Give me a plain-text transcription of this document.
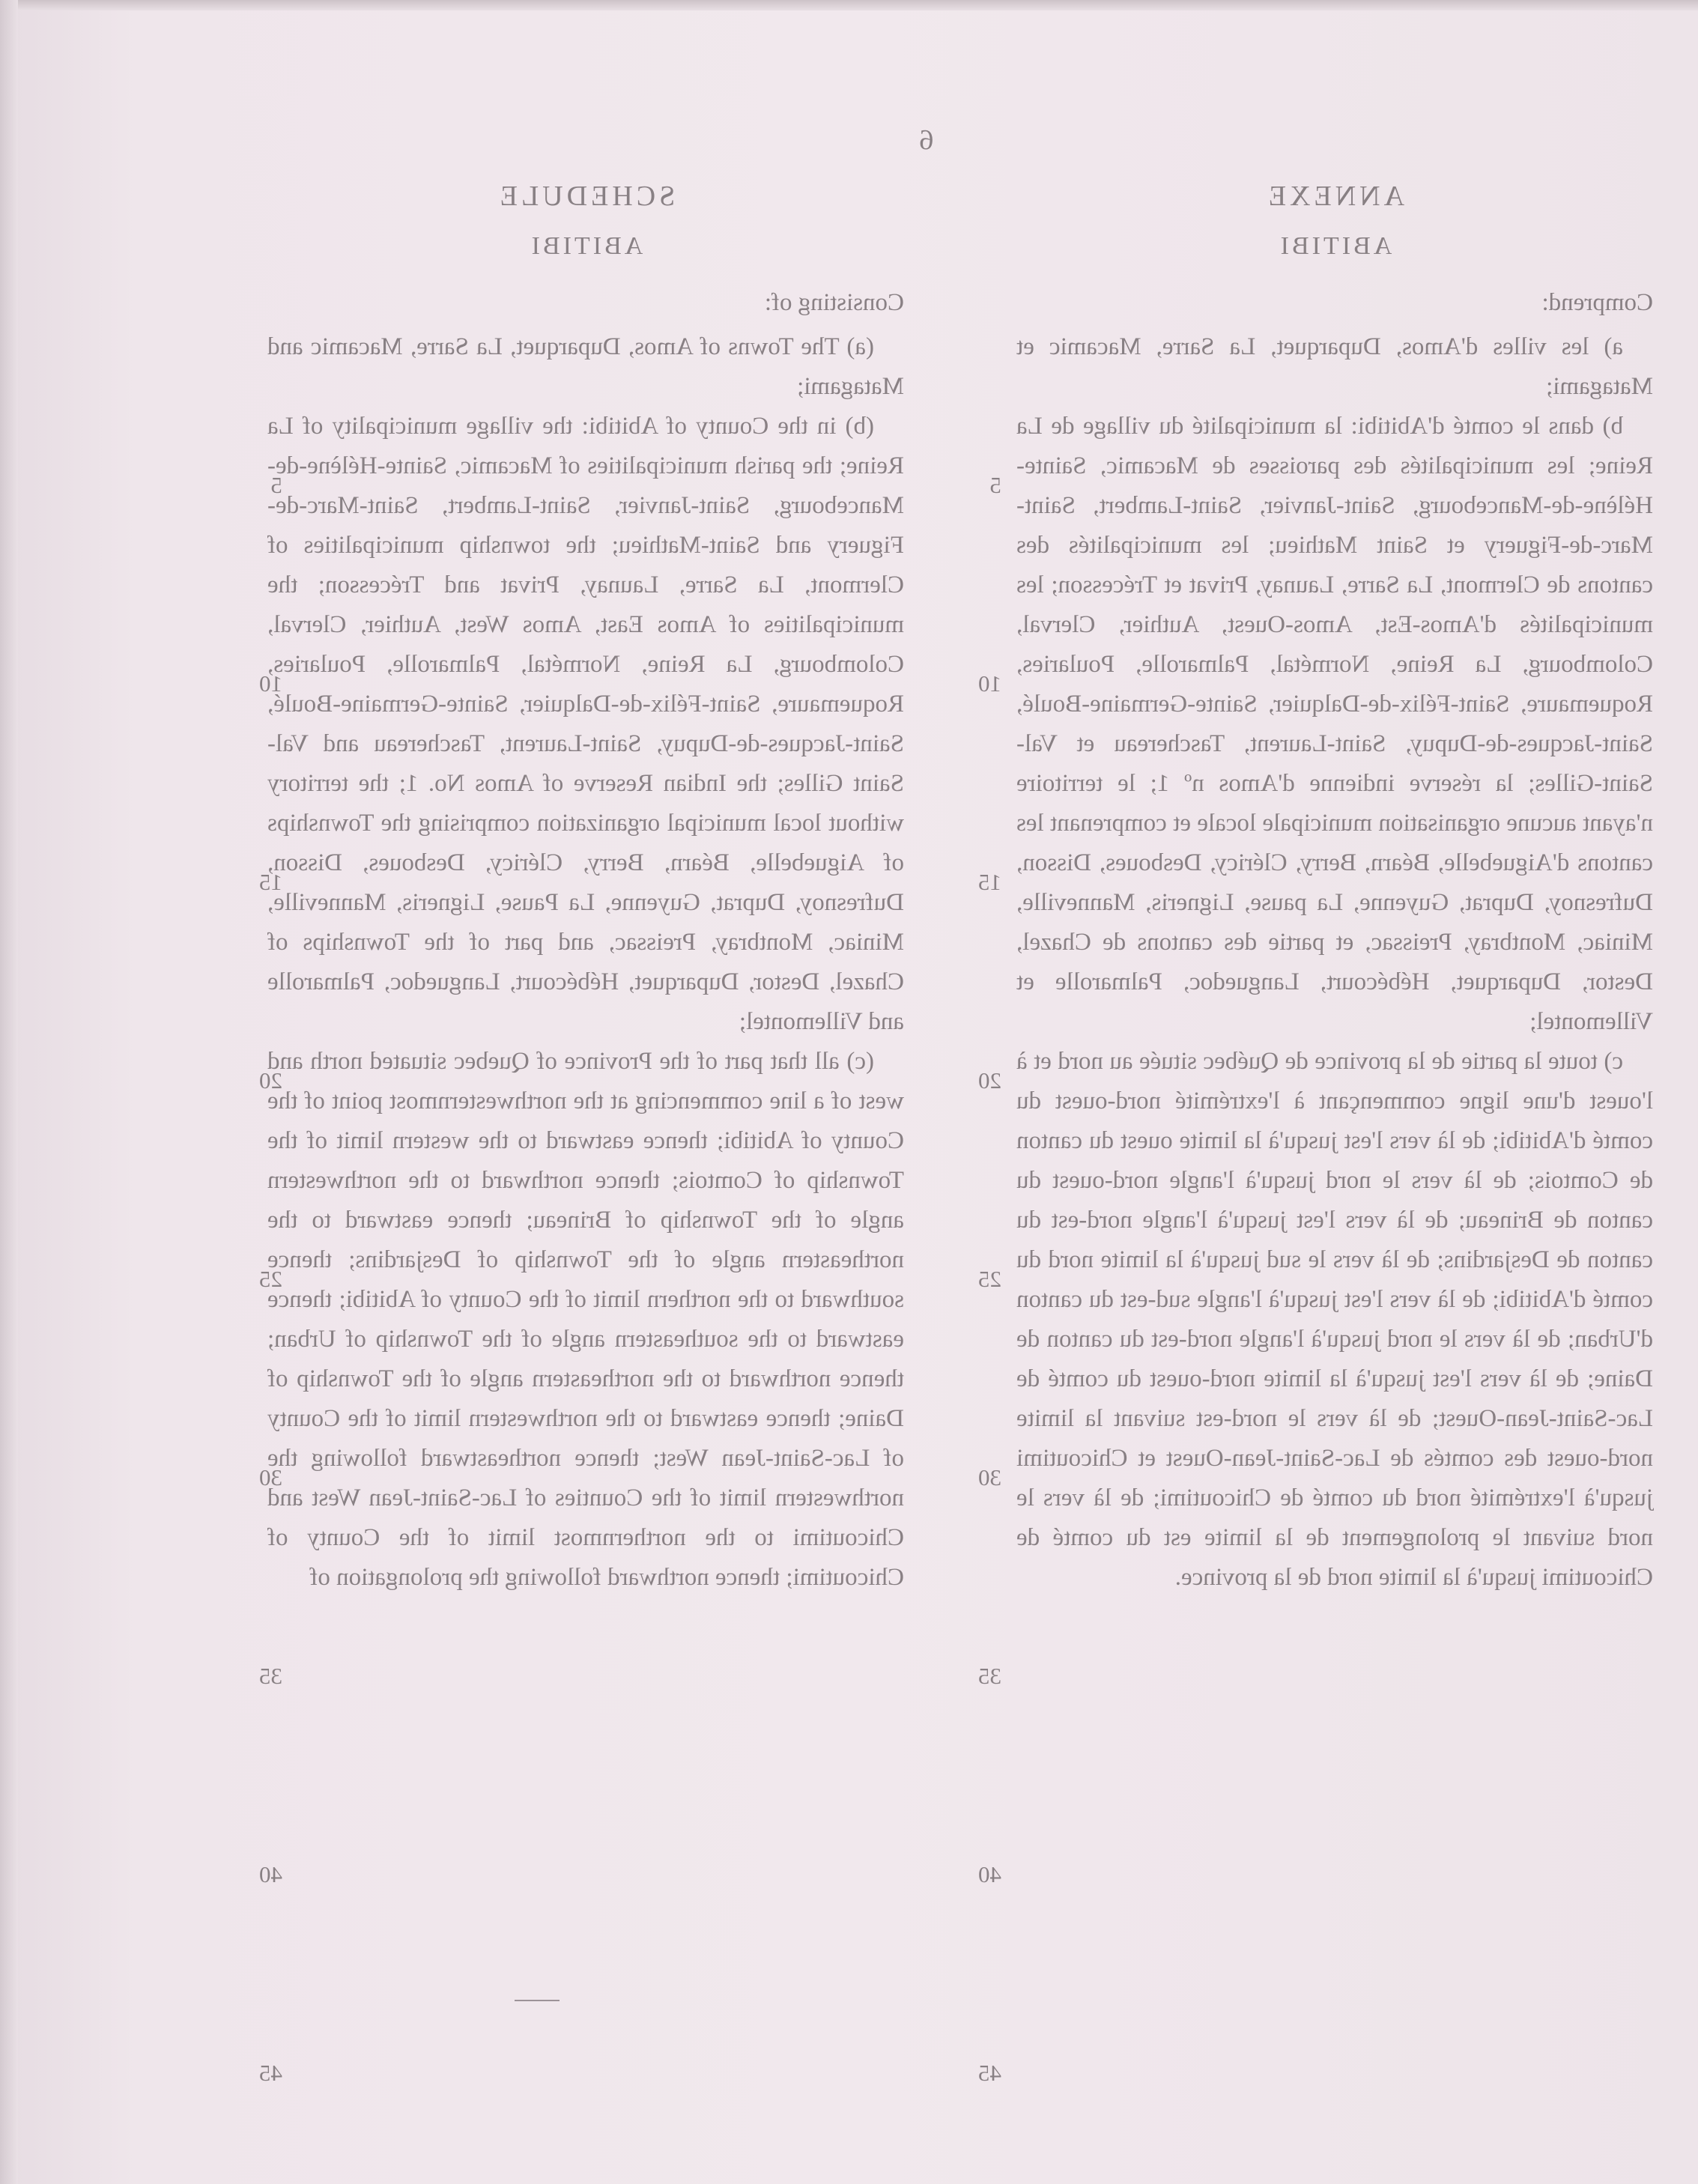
6
SCHEDULE
ABITIBI
Consisting of:

(a) The Towns of Amos, Duparquet, La Sarre, Macamic and Matagami;

(b) in the County of Abitibi: the village municipality of La Reine; the parish municipalities of Macamic, Sainte-Hélène-de-Mancebourg, Saint-Janvier, Saint-Lambert, Saint-Marc-de-Figuery and Saint-Mathieu; the township municipalities of Clermont, La Sarre, Launay, Privat and Trécesson; the municipalities of Amos East, Amos West, Authier, Clerval, Colombourg, La Reine, Normétal, Palmarolle, Poularies, Roquemaure, Saint-Félix-de-Dalquier, Sainte-Germaine-Boulé, Saint-Jacques-de-Dupuy, Saint-Laurent, Taschereau and Val-Saint Gilles; the Indian Reserve of Amos No. 1; the territory without local municipal organization comprising the Townships of Aiguebelle, Béarn, Berry, Cléricy, Desboues, Disson, Dufresnoy, Duprat, Guyenne, La Pause, Ligneris, Manneville, Miniac, Montbray, Preissac, and part of the Townships of Chazel, Destor, Duparquet, Hébécourt, Languedoc, Palmarolle and Villemontel;

(c) all that part of the Province of Quebec situated north and west of a line commencing at the northwesternmost point of the County of Abitibi; thence eastward to the western limit of the Township of Comtois; thence northward to the northwestern angle of the Township of Brineau; thence eastward to the northeastern angle of the Township of Desjardins; thence southward to the northern limit of the County of Abitibi; thence eastward to the southeastern angle of the Township of Urban; thence northward to the northeastern angle of the Township of Daine; thence eastward to the northwestern limit of the County of Lac-Saint-Jean West; thence northeastward following the northwestern limit of the Counties of Lac-Saint-Jean West and Chicoutimi to the northernmost limit of the County of Chicoutimi; thence northward following the prolongation of

ANNEXE
ABITIBI
Comprend:

a) les villes d'Amos, Duparquet, La Sarre, Macamic et Matagami;

b) dans le comté d'Abitibi: la municipalité du village de La Reine; les municipalités des paroisses de Macamic, Sainte-Hélène-de-Mancebourg, Saint-Janvier, Saint-Lambert, Saint-Marc-de-Figuery et Saint Mathieu; les municipalités des cantons de Clermont, La Sarre, Launay, Privat et Trécesson; les municipalités d'Amos-Est, Amos-Ouest, Authier, Clerval, Colombourg, La Reine, Normétal, Palmarolle, Poularies, Roquemaure, Saint-Félix-de-Dalquier, Sainte-Germaine-Boulé, Saint-Jacques-de-Dupuy, Saint-Laurent, Taschereau et Val-Saint-Gilles; la réserve indienne d'Amos nº 1; le territoire n'ayant aucune organisation municipale locale et comprenant les cantons d'Aiguebelle, Béarn, Berry, Cléricy, Desboues, Disson, Dufresnoy, Duprat, Guyenne, La pause, Ligneris, Manneville, Miniac, Montbray, Preissac, et partie des cantons de Chazel, Destor, Duparquet, Hébécourt, Languedoc, Palmarolle et Villemontel;

c) toute la partie de la province de Québec située au nord et à l'ouest d'une ligne commençant à l'extrémité nord-ouest du comté d'Abitibi; de là vers l'est jusqu'à la limite ouest du canton de Comtois; de là vers le nord jusqu'à l'angle nord-ouest du canton de Brineau; de là vers l'est jusqu'à l'angle nord-est du canton de Desjardins; de là vers le sud jusqu'à la limite nord du comté d'Abitibi; de là vers l'est jusqu'à l'angle sud-est du canton d'Urban; de là vers le nord jusqu'à l'angle nord-est du canton de Daine; de là vers l'est jusqu'à la limite nord-ouest du comté de Lac-Saint-Jean-Ouest; de là vers le nord-est suivant la limite nord-ouest des comtés de Lac-Saint-Jean-Ouest et Chicoutimi jusqu'à l'extrémité nord du comté de Chicoutimi; de là vers le nord suivant le prolongement de la limite est du comté de Chicoutimi jusqu'à la limite nord de la province.

5
10
15
20
25
30
35
40
45
5
10
15
20
25
30
35
40
45
